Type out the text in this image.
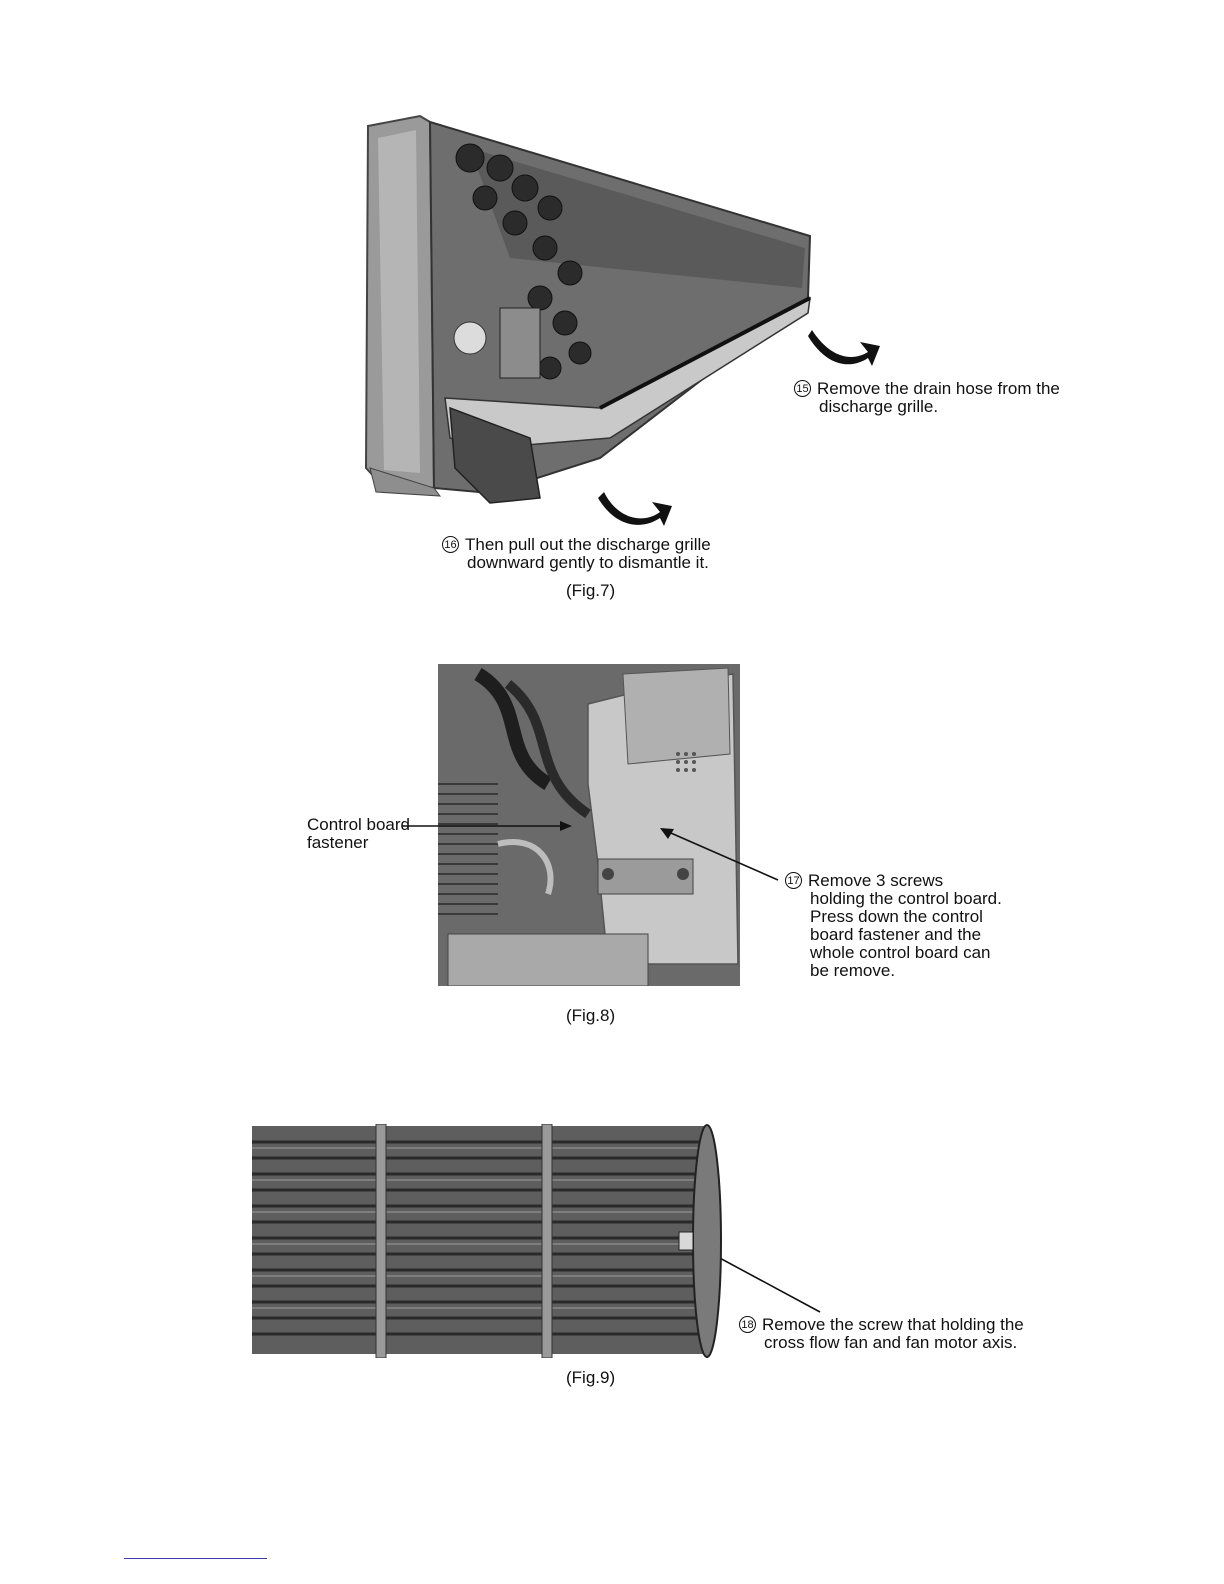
15 Remove the drain hose from the
discharge grille.
16 Then pull out the discharge grille
downward gently to dismantle it.
(Fig.7)
Control board
fastener
17 Remove 3 screws
holding the control board.
Press down the control
board fastener and the
whole control board can
be remove.
(Fig.8)
18 Remove the screw that holding the
cross flow fan and fan motor axis.
(Fig.9)
